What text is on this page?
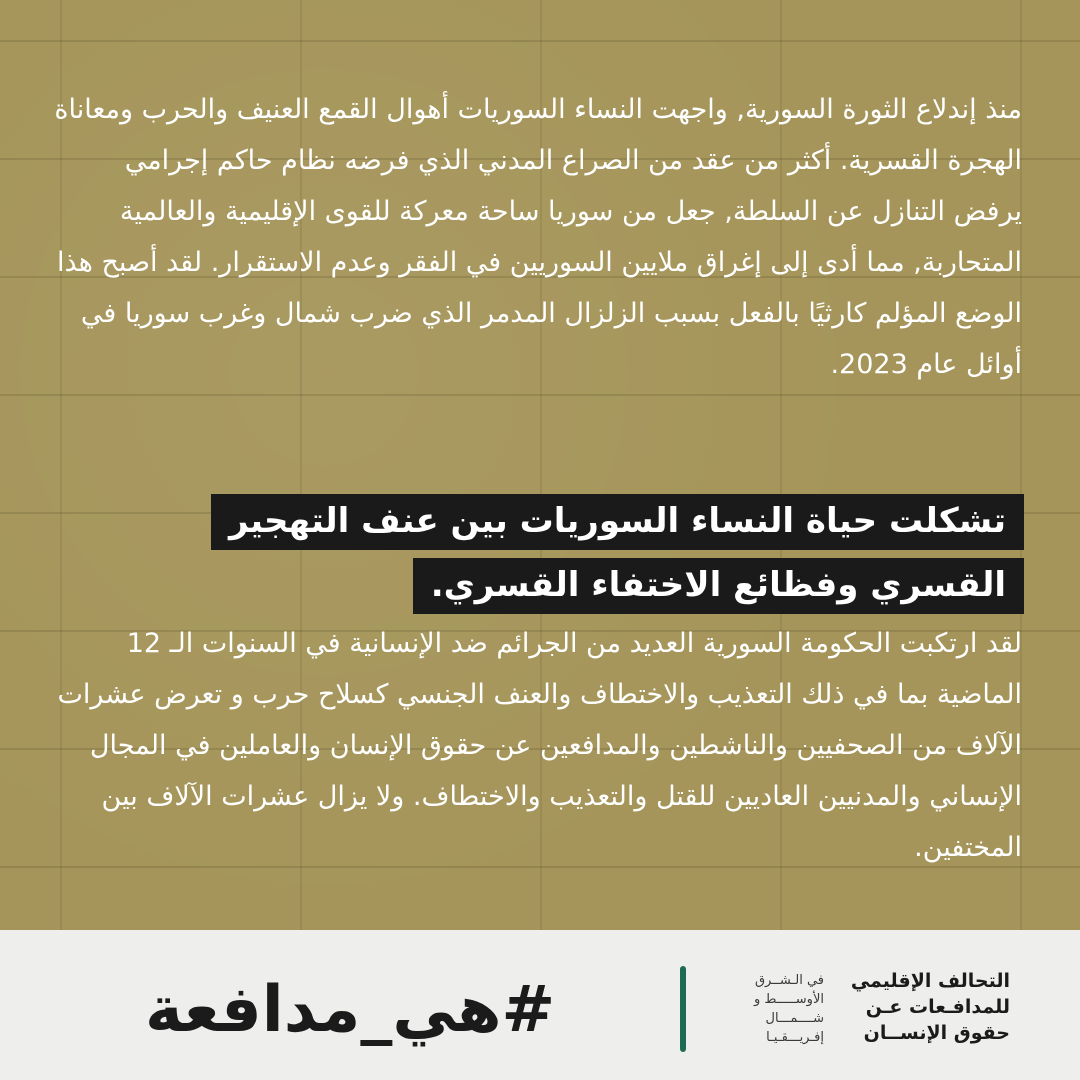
منذ إندلاع الثورة السورية, واجهت النساء السوريات أهوال القمع العنيف والحرب ومعاناة الهجرة القسرية. أكثر من عقد من الصراع المدني الذي فرضه نظام حاكم إجرامي يرفض التنازل عن السلطة, جعل من سوريا ساحة معركة للقوى الإقليمية والعالمية المتحاربة, مما أدى إلى إغراق ملايين السوريين في الفقر وعدم الاستقرار. لقد أصبح هذا الوضع المؤلم كارثيًا بالفعل بسبب الزلزال المدمر الذي ضرب شمال وغرب سوريا في أوائل عام 2023.

تشكلت حياة النساء السوريات بين عنف التهجير
القسري وفظائع الاختفاء القسري.

لقد ارتكبت الحكومة السورية العديد من الجرائم ضد الإنسانية في السنوات الـ 12 الماضية بما في ذلك التعذيب والاختطاف والعنف الجنسي كسلاح حرب و تعرض عشرات الآلاف من الصحفيين والناشطين والمدافعين عن حقوق الإنسان والعاملين في المجال الإنساني والمدنيين العاديين للقتل والتعذيب والاختطاف. ولا يزال عشرات الآلاف بين المختفين.

#هي_مدافعة	التحالف الإقليمي
للمدافـعات عـن
حقوق الإنســان
في الـشــرق
الأوســـــط و
شــــمـــال
إفـريـــقـيـا
